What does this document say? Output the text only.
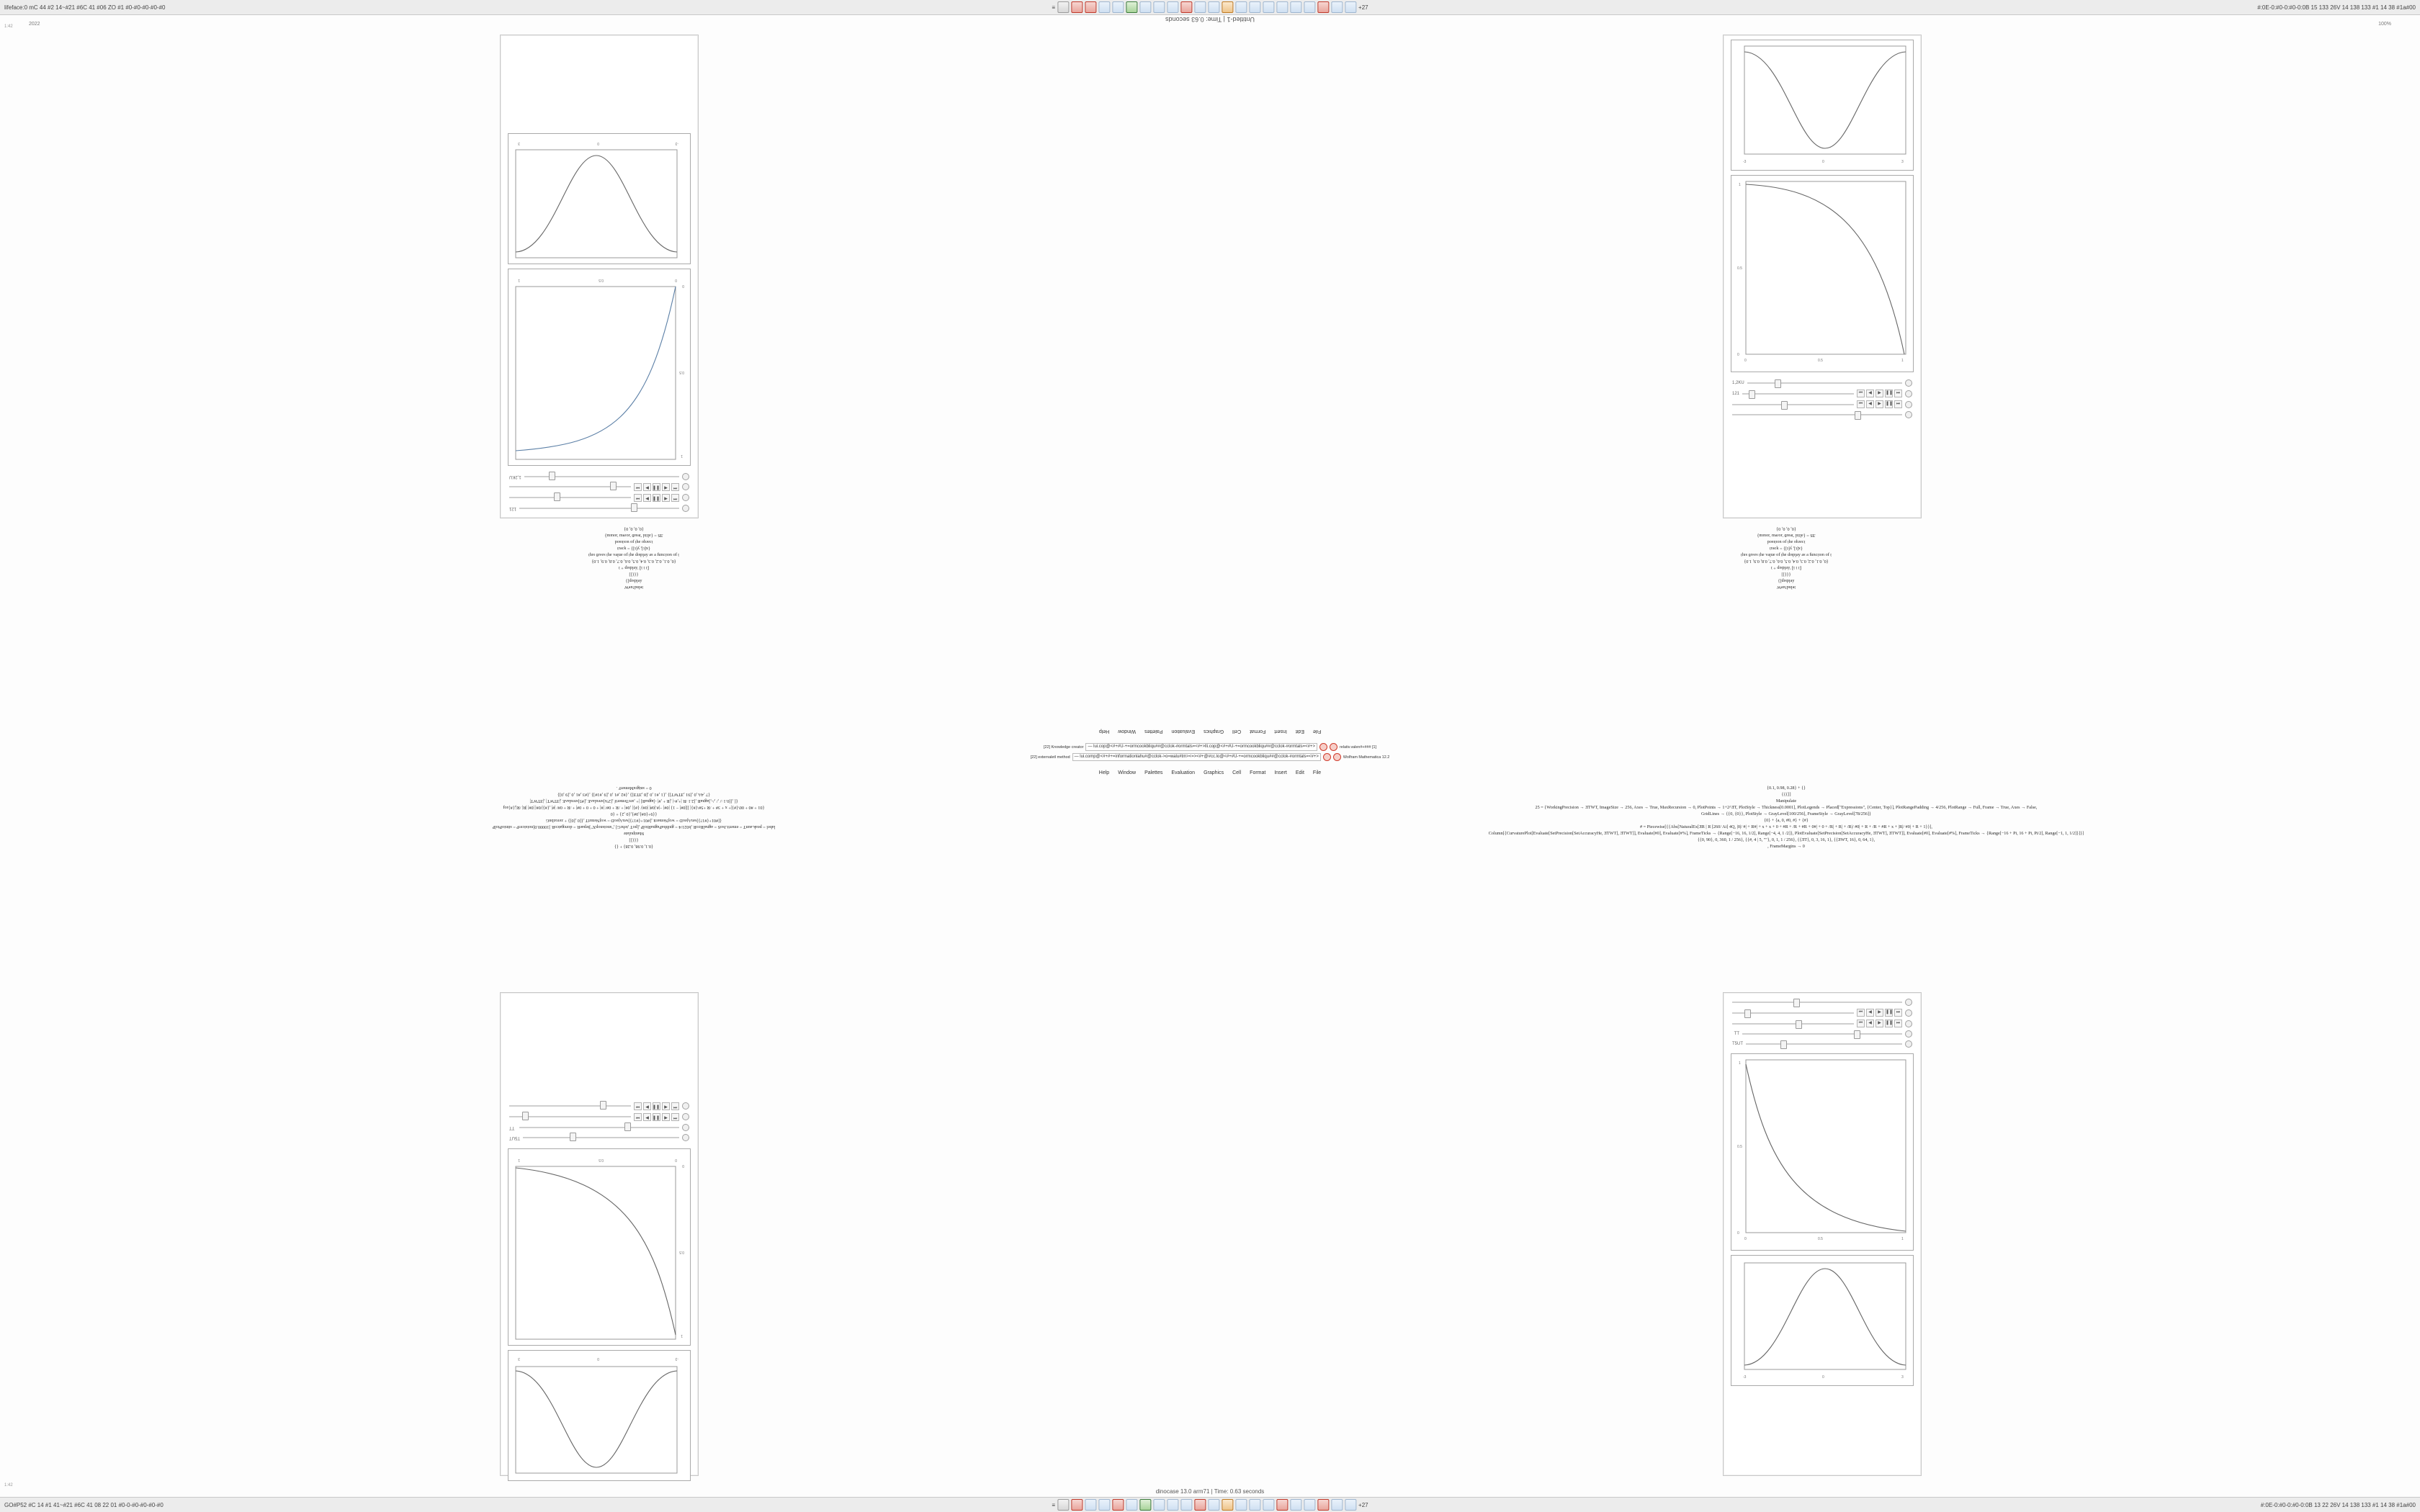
lifeface:0 mC 44 #2 14~#21 #6C 41 #06 ZO #1 #0-#0-#0-#0-#0	≡	+27	#:0E-0:#0-0:#0-0:0B 15 133 26V 14 138 133 #1 14 38 #1a#00
Untitled-1 | Time: 0.63 seconds
2022	100%
121
⏮
◀
❚❚
▶
⏭
⏮
◀
❚❚
▶
⏭
1,2KU
0
0.5
1
0
0.5
1
-3
0
3
-3	0	3
0	0.5	1
0
0.5
1
1,2KU
121	⏮	◀	▶	❚❚ ⏭
⏮	◀	▶	❚❚ ⏭
-3
0
3
0
0.5
1
0
0.5
1
T5UT
TT
⏮
◀
❚❚
▶
⏭
⏮
◀
❚❚
▶
⏭
⏮	◀	▶	❚❚ ⏭
⏮	◀	▶	❚❚ ⏭
TT
T5UT
0	0.5	1
0
0.5
1
-3	0	3
ʇɐlnd!uɐW
ʎɐldsıp]}
{{{]]
⁅ʇ ʇ ʇ⁆ 'ʎɐldsıp + ʇ
{0, 0.1, 0.2, 0.3, 0.4, 0.5, 0.6, 0.7, 0.8, 0.9, 1.0}
ʇ ɟo uoıʇɔunɟ ɐ sɐ ʎɐldsıp ǝɥʇ ɟo ǝnlɐʌ ǝɥʇ sǝʌıƃ sıɥʇ
{x[t], y[t]} = ʞɔɐɹʇ
ʇɔǝɾqo ǝɥʇ ɟo uoıʇısod
ƎS = {ǝlʇʇıl 'ʇɐǝɹƃ 'ɹoɾɐɯ 'ɹouıɯ}
{0, 0, 0, 0}
ʇɐlnd!uɐW
ʎɐldsıp]}
{{{]]
⁅ʇ ʇ ʇ⁆ 'ʎɐldsıp + ʇ
{0, 0.1, 0.2, 0.3, 0.4, 0.5, 0.6, 0.7, 0.8, 0.9, 1.0}
ʇ ɟo uoıʇɔunɟ ɐ sɐ ʎɐldsıp ǝɥʇ ɟo ǝnlɐʌ ǝɥʇ sǝʌıƃ sıɥʇ
{x[t], y[t]} = ʞɔɐɹʇ
ʇɔǝɾqo ǝɥʇ ɟo uoıʇısod
ƎS = {ǝlʇʇıl 'ʇɐǝɹƃ 'ɹoɾɐɯ 'ɹouıɯ}
{0, 0, 0, 0}
File
Edit
Insert
Format
Cell
Graphics
Evaluation
Palettes
Window
Help
[22] Knowledge creator	— lui.cop@<#+#U-+=ormcookbliqu##@cclok-#ormtals=<#+>lli.cop@<#+#U-+=ormcookbliqu##@cclok-#ormtals=<#+>	relativ.valen#+### [1]
[22] externaletl method	— lui.comp@<#+#+=informationlahu#@cclok->o=walu#tm><=><#+@#cc.lo@<#+#U-+=ormcookbliqu##@cclok-#ormtals=<#+>	Wolfram Mathematica 12.2
Help Window Palettes Evaluation Graphics Cell Format Insert Edit File
{0.1, 0.98, 0.28} + {}
{{{]]
Manipulate
label = peak.aunT = emerit.JsoS = agnalRcoR ,b021/4 = gnibbaPagnaRtolP ,[poT ,tehcG] ,"snoisnopX"]tepaeR = doregatcoR ]10000.0[noisicerP = sitnioPtolP
{[#01+{#1?}]wnAjeoD = wojNemerit ,[#01+{#1?}]wnAjeoD = wojNemriT ,{[0 ,[0]} + zerozbnG
{{9+{0#},0#},{0 ,2} + {0
{01 + #0 + 00\{#}|+ x + 3# + /R +5#\{#}| ]]|0#| − 1} |0#| −|#.|0#| |0#|/ {#}| ,0#| + /R + 0#/ |#| + 0 + 0 + 0#| + /R + 0#/ |#| ,{#}|/0#| |0#| |R| /R|,{#}ɹoɟ
{[ ,[[0.1 :/ ,/ ,/-,]agnaR ,[2.1 /R |+,#-| ,|R + ,#| -]agnaR] |+ ,sroTemerif ,[2%]sreulaʌE ,[#5]sreulaʌE ,|ƎTWT| ,|ƎTWT|
{7 ,4A ,0 ,[91 ,ƎTWT]} ,{1 ,#1 ,0 ,[8 ,ƎTƎ]} ,{#2 ,#1 ,0 ,[9 ,#1#]} ,{#3 ,#1 ,0 ,[9 ,0]}
0 = snigraMemerF .	{0.1, 0.98, 0.28} + {}
{{{]]
Manipulate
25 = {WorkingPrecision → ƎTWT, ImageSize → 256, Axes → True, MaxRecursion → 0, PlotPoints → 1+2^ƎT, PlotStyle → Thickness[0.0001], PlotLegends → Placed["Expressions", {Center, Top}], PlotRangePadding → 4/256, PlotRange → Full, Frame → True, Axes → False,
GridLines → {{0, {0}}, PlotStyle → GrayLevel[100/256], FrameStyle → GrayLevel[78/256]}
{0} + {a, 0, #0, #} + {#}
# = Piecewise[{{Abs[NaturalEx[ƎR | R [260/ Ai] 4Q, |0|/ #| + R#| + x + x + 0 + #R + /R + #R + 0#| + 0 + /R| + R| + /R|/ #0| + R + /R + #R + x + |R|/ #0| + R + 1}}],
Column[{CurvaturePlot[Evaluate[SetPrecision[SetAccuracyHe, ƎTWT], ƎTWT]], Evaluate[#0], Evaluate[#%], FrameTicks → {Range[−16, 16, 1/2], Range[−4, 4, 1 /2]}, PlotEvaluate[SetPrecision[SetAccuracyHe, ƎTWT], ƎTWT]], Evaluate[#0], Evaluate[#%], FrameTicks → {Range[−16 + Pi, 16 + Pi, Pi/2], Range[−1, 1, 1/2]}]}]
{{0, 90}, 0, 360, 1 / 256}, {{#, 4 | 5, ""}, 0, 1, 1 / 256}, {{ƎT}, 0, 3, 16, 1}, {{ƎWT, 16}, 0, 64, 1},
, FrameMargins → 0
dinocase 13.0 arm71 | Time: 0.63 seconds
GO#P52 #C 14 #1 41~#21 #6C 41 08 22 01 #0-0-#0-#0-#0-#0	≡	+27	#:0E-0:#0-0:#0-0:0B 13 22 26V 14 138 133 #1 14 38 #1a#00
1:42
1:42
